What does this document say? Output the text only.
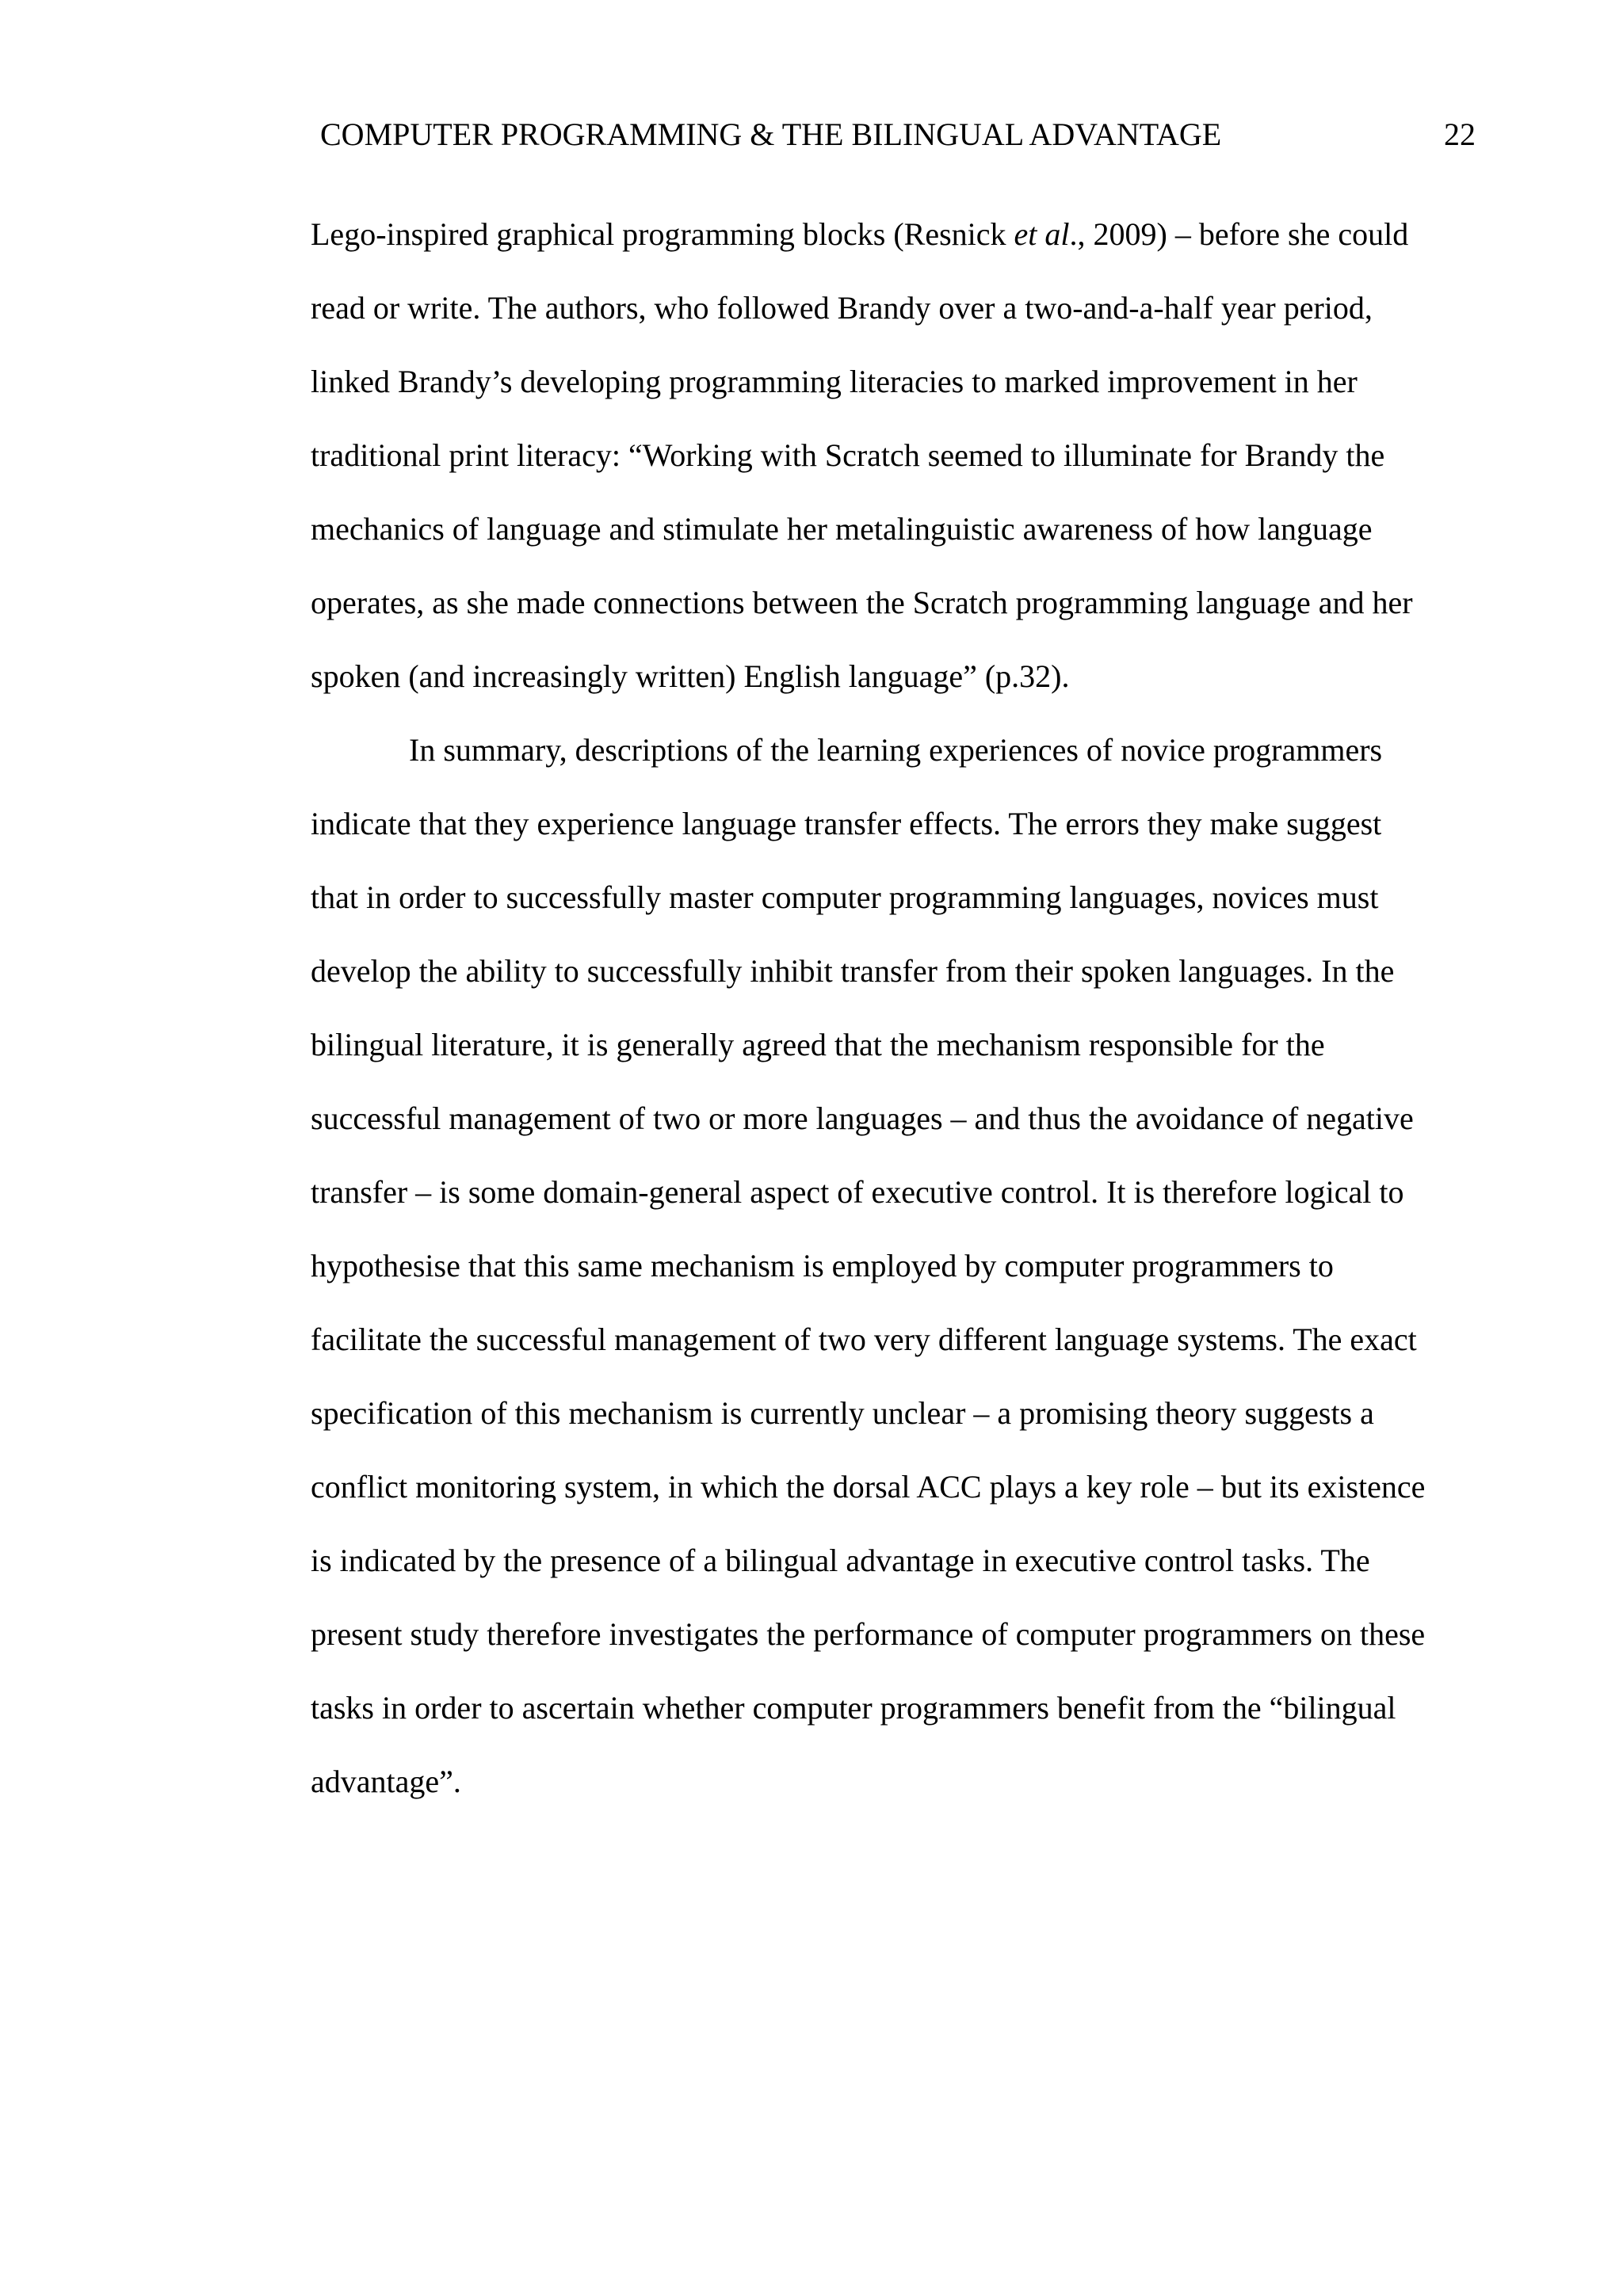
COMPUTER PROGRAMMING & THE BILINGUAL ADVANTAGE	22
Lego-inspired graphical programming blocks (Resnick et al., 2009) – before she could
read or write. The authors, who followed Brandy over a two-and-a-half year period,
linked Brandy’s developing programming literacies to marked improvement in her
traditional print literacy: “Working with Scratch seemed to illuminate for Brandy the
mechanics of language and stimulate her metalinguistic awareness of how language
operates, as she made connections between the Scratch programming language and her
spoken (and increasingly written) English language” (p.32).
In summary, descriptions of the learning experiences of novice programmers
indicate that they experience language transfer effects. The errors they make suggest
that in order to successfully master computer programming languages, novices must
develop the ability to successfully inhibit transfer from their spoken languages. In the
bilingual literature, it is generally agreed that the mechanism responsible for the
successful management of two or more languages – and thus the avoidance of negative
transfer – is some domain-general aspect of executive control. It is therefore logical to
hypothesise that this same mechanism is employed by computer programmers to
facilitate the successful management of two very different language systems. The exact
specification of this mechanism is currently unclear – a promising theory suggests a
conflict monitoring system, in which the dorsal ACC plays a key role – but its existence
is indicated by the presence of a bilingual advantage in executive control tasks. The
present study therefore investigates the performance of computer programmers on these
tasks in order to ascertain whether computer programmers benefit from the “bilingual
advantage”.
